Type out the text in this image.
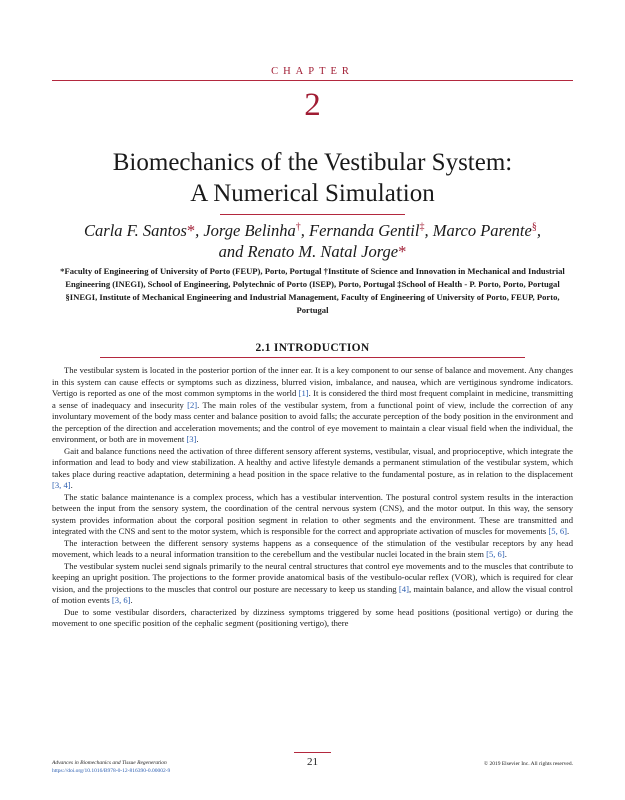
CHAPTER
2
Biomechanics of the Vestibular System:
A Numerical Simulation
Carla F. Santos*, Jorge Belinha†, Fernanda Gentil‡, Marco Parente§,
and Renato M. Natal Jorge*
*Faculty of Engineering of University of Porto (FEUP), Porto, Portugal †Institute of Science and Innovation in Mechanical and Industrial Engineering (INEGI), School of Engineering, Polytechnic of Porto (ISEP), Porto, Portugal ‡School of Health - P. Porto, Porto, Portugal §INEGI, Institute of Mechanical Engineering and Industrial Management, Faculty of Engineering of University of Porto, FEUP, Porto, Portugal
2.1 INTRODUCTION

The vestibular system is located in the posterior portion of the inner ear. It is a key component to our sense of balance and movement. Any changes in this system can cause effects or symptoms such as dizziness, blurred vision, imbalance, and nausea, which are vertiginous syndrome indicators. Vertigo is reported as one of the most common symptoms in the world [1]. It is considered the third most frequent complaint in medicine, transmitting a sense of inadequacy and insecurity [2]. The main roles of the vestibular system, from a functional point of view, include the correction of any involuntary movement of the body mass center and balance position to avoid falls; the accurate perception of the body position in the environment and the perception of the direction and acceleration movements; and the control of eye movement to maintain a clear visual field when the individual, the environment, or both are in movement [3].

Gait and balance functions need the activation of three different sensory afferent systems, vestibular, visual, and proprioceptive, which integrate the information and lead to body and view stabilization. A healthy and active lifestyle demands a permanent stimulation of the vestibular system, which takes place during reactive adaptation, determining a head position in the space relative to the fundamental posture, as in relation to the displacement [3, 4].

The static balance maintenance is a complex process, which has a vestibular intervention. The postural control system results in the interaction between the input from the sensory system, the coordination of the central nervous system (CNS), and the motor output. In this way, the sensory system provides information about the corporal position segment in relation to other segments and the environment. These are transmitted and integrated with the CNS and sent to the motor system, which is responsible for the correct and appropriate activation of muscles for movements [5, 6].

The interaction between the different sensory systems happens as a consequence of the stimulation of the vestibular receptors by any head movement, which leads to a neural information transition to the cerebellum and the vestibular nuclei located in the brain stem [5, 6].

The vestibular system nuclei send signals primarily to the neural central structures that control eye movements and to the muscles that contribute to keeping an upright position. The projections to the former provide anatomical basis of the vestibulo-ocular reflex (VOR), which is required for clear vision, and the projections to the muscles that control our posture are necessary to keep us standing [4], maintain balance, and allow the visual control of motion events [3, 6].

Due to some vestibular disorders, characterized by dizziness symptoms triggered by some head positions (positional vertigo) or during the movement to one specific position of the cephalic segment (positioning vertigo), there

Advances in Biomechanics and Tissue Regeneration
https://doi.org/10.1016/B978-0-12-816390-0.00002-9
21	© 2019 Elsevier Inc. All rights reserved.
